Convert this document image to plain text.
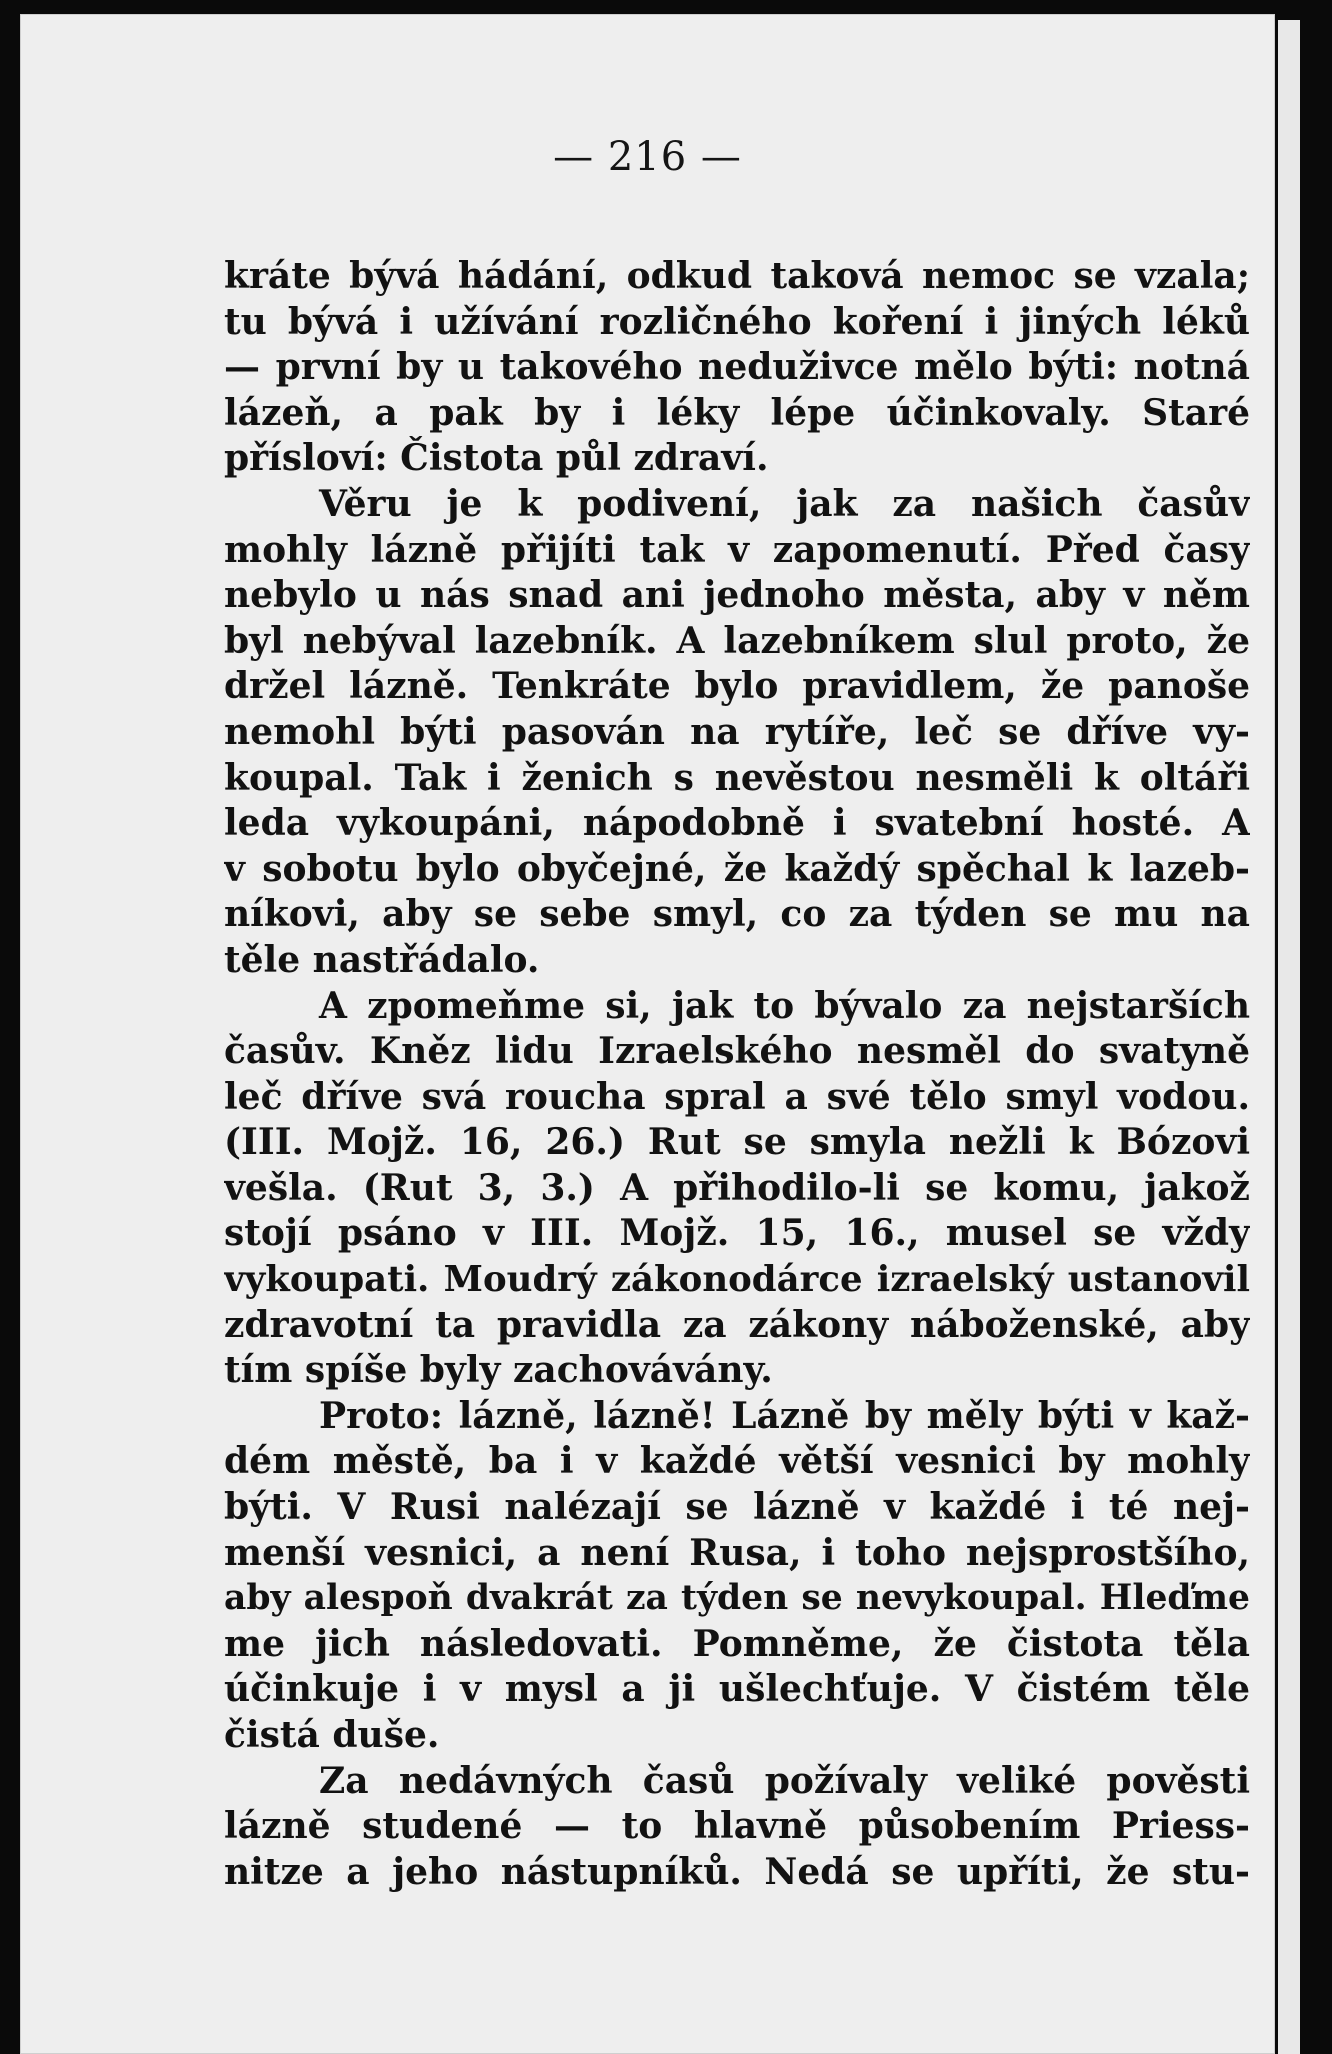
— 216 —
kráte bývá hádání, odkud taková nemoc se vzala;
tu bývá i užívání rozličného koření i jiných léků
— první by u takového neduživce mělo býti: notná
lázeň, a pak by i léky lépe účinkovaly. Staré
přísloví: Čistota půl zdraví.
Věru je k podivení, jak za našich časův
mohly lázně přijíti tak v zapomenutí. Před časy
nebylo u nás snad ani jednoho města, aby v něm
byl nebýval lazebník. A lazebníkem slul proto, že
držel lázně. Tenkráte bylo pravidlem, že panoše
nemohl býti pasován na rytíře, leč se dříve vy-
koupal. Tak i ženich s nevěstou nesměli k oltáři
leda vykoupáni, nápodobně i svatební hosté. A
v sobotu bylo obyčejné, že každý spěchal k lazeb-
níkovi, aby se sebe smyl, co za týden se mu na
těle nastřádalo.
A zpomeňme si, jak to bývalo za nejstarších
časův. Kněz lidu Izraelského nesměl do svatyně
leč dříve svá roucha spral a své tělo smyl vodou.
(III. Mojž. 16, 26.) Rut se smyla nežli k Bózovi
vešla. (Rut 3, 3.) A přihodilo-li se komu, jakož
stojí psáno v III. Mojž. 15, 16., musel se vždy
vykoupati. Moudrý zákonodárce izraelský ustanovil
zdravotní ta pravidla za zákony náboženské, aby
tím spíše byly zachovávány.
Proto: lázně, lázně! Lázně by měly býti v kaž-
dém městě, ba i v každé větší vesnici by mohly
býti. V Rusi nalézají se lázně v každé i té nej-
menší vesnici, a není Rusa, i toho nejsprostšího,
aby alespoň dvakrát za týden se nevykoupal. Hleďme
me jich následovati. Pomněme, že čistota těla
účinkuje i v mysl a ji ušlechťuje. V čistém těle
čistá duše.
Za nedávných časů požívaly veliké pověsti
lázně studené — to hlavně působením Priess-
nitze a jeho nástupníků. Nedá se upříti, že stu-
